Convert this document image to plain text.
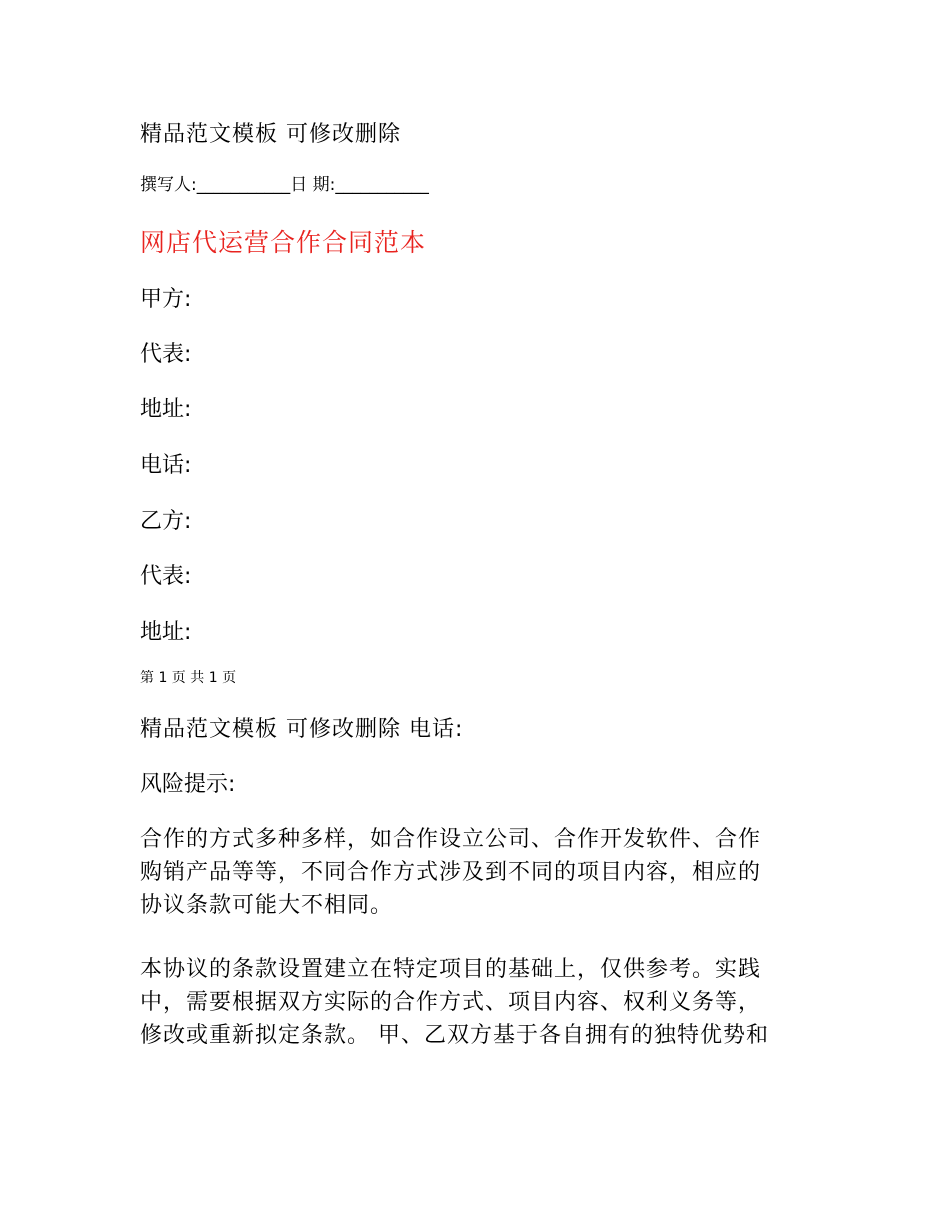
精品范文模板 可修改删除
撰写人:___________日 期:___________
网店代运营合作合同范本
甲方:
代表:
地址:
电话:
乙方:
代表:
地址:
第 1 页 共 1 页
精品范文模板 可修改删除 电话:
风险提示:
合作的方式多种多样，如合作设立公司、合作开发软件、合作
购销产品等等，不同合作方式涉及到不同的项目内容，相应的
协议条款可能大不相同。
本协议的条款设置建立在特定项目的基础上，仅供参考。实践
中，需要根据双方实际的合作方式、项目内容、权利义务等，
修改或重新拟定条款。 甲、乙双方基于各自拥有的独特优势和
